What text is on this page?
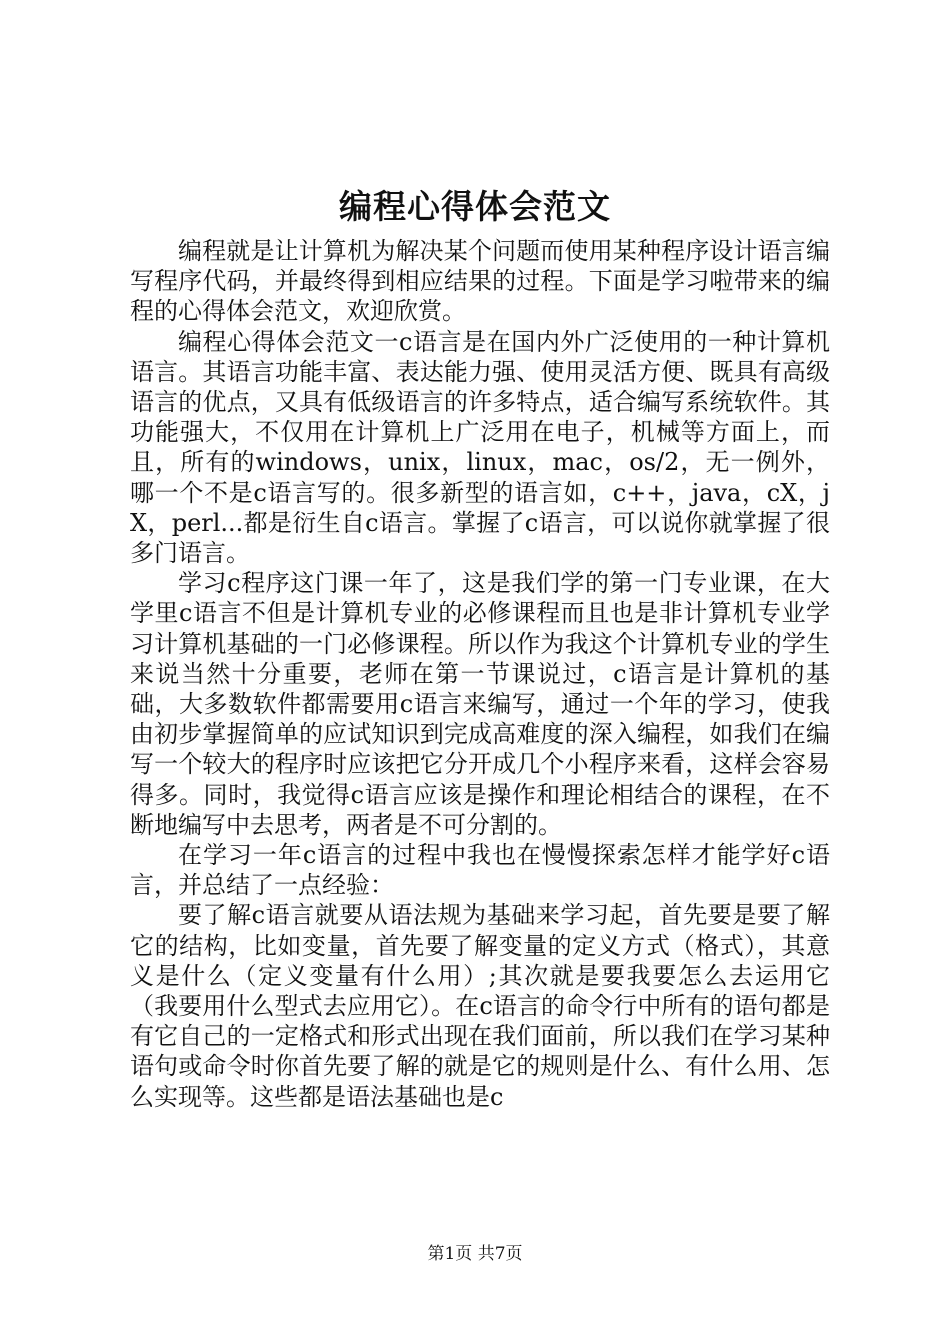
编程心得体会范文

编程就是让计算机为解决某个问题而使用某种程序设计语言编写程序代码，并最终得到相应结果的过程。下面是学习啦带来的编程的心得体会范文，欢迎欣赏。

编程心得体会范文一c语言是在国内外广泛使用的一种计算机语言。其语言功能丰富、表达能力强、使用灵活方便、既具有高级语言的优点，又具有低级语言的许多特点，适合编写系统软件。其功能强大，不仅用在计算机上广泛用在电子，机械等方面上，而且，所有的windows，unix，linux，mac，os/2，无一例外，哪一个不是c语言写的。很多新型的语言如，c++，java，cX，jX，perl...都是衍生自c语言。掌握了c语言，可以说你就掌握了很多门语言。

学习c程序这门课一年了，这是我们学的第一门专业课，在大学里c语言不但是计算机专业的必修课程而且也是非计算机专业学习计算机基础的一门必修课程。所以作为我这个计算机专业的学生来说当然十分重要，老师在第一节课说过，c语言是计算机的基础，大多数软件都需要用c语言来编写，通过一个年的学习，使我由初步掌握简单的应试知识到完成高难度的深入编程，如我们在编写一个较大的程序时应该把它分开成几个小程序来看，这样会容易得多。同时，我觉得c语言应该是操作和理论相结合的课程，在不断地编写中去思考，两者是不可分割的。

在学习一年c语言的过程中我也在慢慢探索怎样才能学好c语言，并总结了一点经验：

要了解c语言就要从语法规为基础来学习起，首先要是要了解它的结构，比如变量，首先要了解变量的定义方式（格式），其意义是什么（定义变量有什么用）;其次就是要我要怎么去运用它（我要用什么型式去应用它）。在c语言的命令行中所有的语句都是有它自己的一定格式和形式出现在我们面前，所以我们在学习某种语句或命令时你首先要了解的就是它的规则是什么、有什么用、怎么实现等。这些都是语法基础也是c

第1页 共7页
